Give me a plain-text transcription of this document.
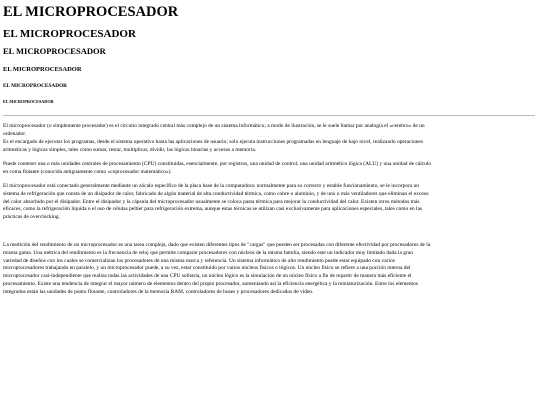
EL MICROPROCESADOR
EL MICROPROCESADOR
EL MICROPROCESADOR
EL MICROPROCESADOR
EL MICROPROCESADOR
EL MICROPROCESADOR

El microprocesador (o simplemente procesador) es el circuito integrado central más complejo de un sistema informático; a modo de ilustración, se le suele llamar por analogía el «cerebro» de un
ordenador.

Es el encargado de ejecutar los programas, desde el sistema operativo hasta las aplicaciones de usuario; solo ejecuta instrucciones programadas en lenguaje de bajo nivel, realizando operaciones
aritméticas y lógicas simples, tales como sumar, restar, multiplicar, dividir, las lógicas binarias y accesos a memoria.

Puede contener una o más unidades centrales de procesamiento (CPU) constituidas, esencialmente, por registros, una unidad de control, una unidad aritmético lógica (ALU) y una unidad de cálculo
en coma flotante (conocida antiguamente como «coprocesador matemático»).

El microprocesador está conectado generalmente mediante un zócalo específico de la placa base de la computadora; normalmente para su correcto y estable funcionamiento, se le incorpora un
sistema de refrigeración que consta de un disipador de calor, fabricado de algún material de alta conductividad térmica, como cobre o aluminio, y de uno o más ventiladores que eliminan el exceso
del calor absorbido por el disipador. Entre el disipador y la cápsula del microprocesador usualmente se coloca pasta térmica para mejorar la conductividad del calor. Existen otros métodos más
eficaces, como la refrigeración líquida o el uso de células peltier para refrigeración extrema, aunque estas técnicas se utilizan casi exclusivamente para aplicaciones especiales, tales como en las
prácticas de overclocking.

La medición del rendimiento de un microprocesador es una tarea compleja, dado que existen diferentes tipos de "cargas" que pueden ser procesadas con diferente efectividad por procesadores de la
misma gama. Una métrica del rendimiento es la frecuencia de reloj que permite comparar procesadores con núcleos de la misma familia, siendo este un indicador muy limitado dada la gran
variedad de diseños con los cuales se comercializan los procesadores de una misma marca y referencia. Un sistema informático de alto rendimiento puede estar equipado con varios
microprocesadores trabajando en paralelo, y un microprocesador puede, a su vez, estar constituido por varios núcleos físicos o lógicos. Un núcleo físico se refiere a una porción interna del
microprocesador casi-independiente que realiza todas las actividades de una CPU solitaria, un núcleo lógico es la simulación de un núcleo físico a fin de repartir de manera más eficiente el
procesamiento. Existe una tendencia de integrar el mayor número de elementos dentro del propio procesador, aumentando así la eficiencia energética y la miniaturización. Entre los elementos
integrados están las unidades de punto flotante, controladores de la memoria RAM, controladores de buses y procesadores dedicados de vídeo.
